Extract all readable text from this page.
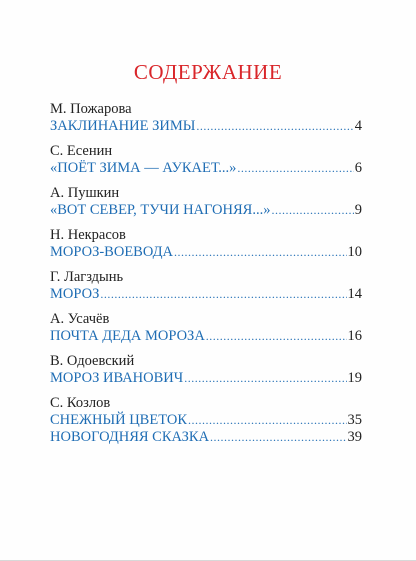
СОДЕРЖАНИЕ

М. Пожарова

ЗАКЛИНАНИЕ ЗИМЫ .....	4

С. Есенин

«ПОЁТ ЗИМА — АУКАЕТ...» .....	6

А. Пушкин

«ВОТ СЕВЕР, ТУЧИ НАГОНЯЯ...» .....	9

Н. Некрасов

МОРОЗ-ВОЕВОДА .....	10

Г. Лагздынь

МОРОЗ .....	14

А. Усачёв

ПОЧТА ДЕДА МОРОЗА .....	16

В. Одоевский

МОРОЗ ИВАНОВИЧ .....	19

С. Козлов

СНЕЖНЫЙ ЦВЕТОК .....	35
НОВОГОДНЯЯ СКАЗКА .....	39
